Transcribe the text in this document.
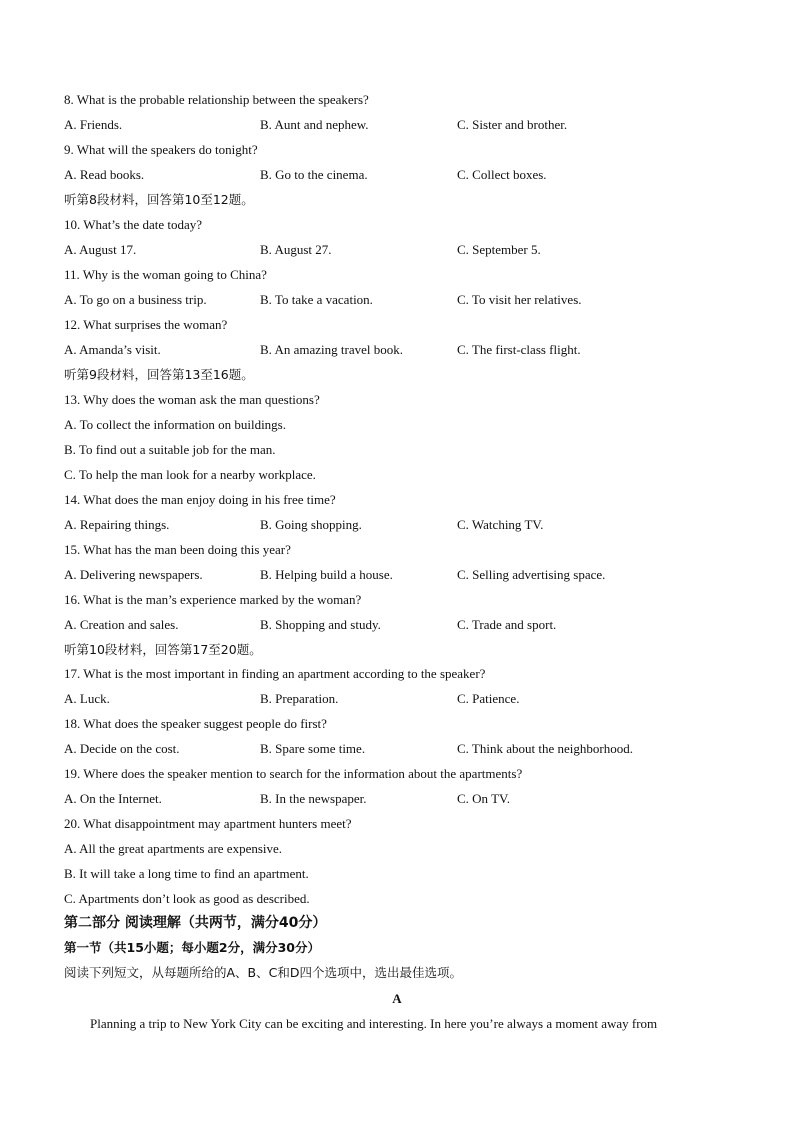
8. What is the probable relationship between the speakers?
A. Friends.	B. Aunt and nephew.	C. Sister and brother.
9. What will the speakers do tonight?
A. Read books.	B. Go to the cinema.	C. Collect boxes.
听第8段材料，回答第10至12题。
10. What’s the date today?
A. August 17.	B. August 27.	C. September 5.
11. Why is the woman going to China?
A. To go on a business trip.	B. To take a vacation.	C. To visit her relatives.
12. What surprises the woman?
A. Amanda’s visit.	B. An amazing travel book.	C. The first-class flight.
听第9段材料，回答第13至16题。
13. Why does the woman ask the man questions?
A. To collect the information on buildings.
B. To find out a suitable job for the man.
C. To help the man look for a nearby workplace.
14. What does the man enjoy doing in his free time?
A. Repairing things.	B. Going shopping.	C. Watching TV.
15. What has the man been doing this year?
A. Delivering newspapers.	B. Helping build a house.	C. Selling advertising space.
16. What is the man’s experience marked by the woman?
A. Creation and sales.	B. Shopping and study.	C. Trade and sport.
听第10段材料，回答第17至20题。
17. What is the most important in finding an apartment according to the speaker?
A. Luck.	B. Preparation.	C. Patience.
18. What does the speaker suggest people do first?
A. Decide on the cost.	B. Spare some time.	C. Think about the neighborhood.
19. Where does the speaker mention to search for the information about the apartments?
A. On the Internet.	B. In the newspaper.	C. On TV.
20. What disappointment may apartment hunters meet?
A. All the great apartments are expensive.
B. It will take a long time to find an apartment.
C. Apartments don’t look as good as described.
第二部分 阅读理解（共两节，满分40分）
第一节（共15小题；每小题2分，满分30分）
阅读下列短文，从每题所给的A、B、C和D四个选项中，选出最佳选项。
A
Planning a trip to New York City can be exciting and interesting. In here you’re always a moment away from
